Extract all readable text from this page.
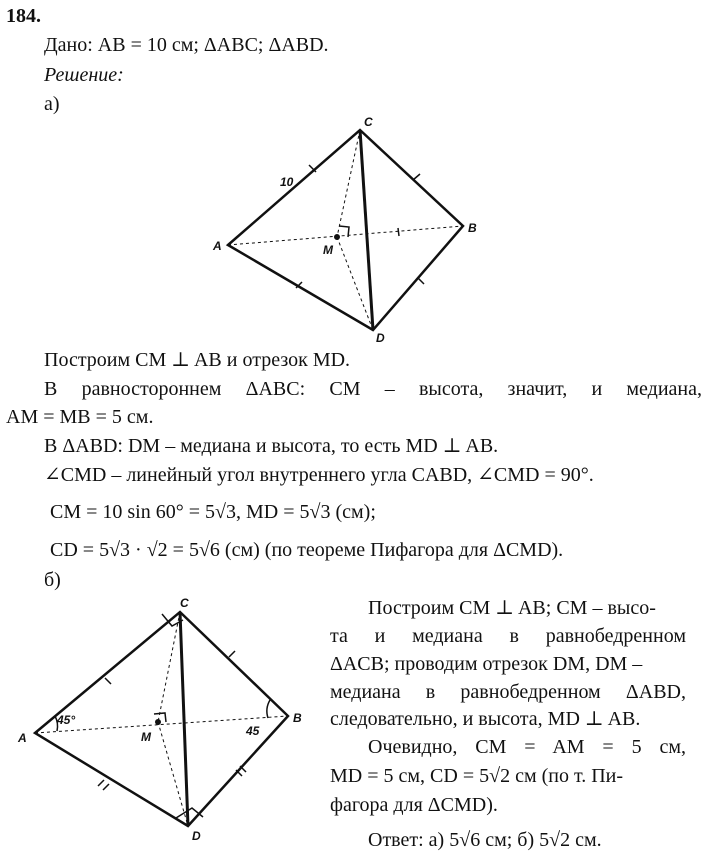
184.
Дано: AB = 10 см; ΔABC; ΔABD.
Решение:
а)
C
B
A
D
M
10
C
B
A
D
M
45°
45
Построим CM ⊥ AB и отрезок MD.
В равностороннем ΔABC: CM – высота, значит, и медиана,
AM = MB = 5 см.
В ΔABD: DM – медиана и высота, то есть MD ⊥ AB.
∠CMD – линейный угол внутреннего угла CABD, ∠CMD = 90°.
CM = 10 sin 60° = 5√3, MD = 5√3 (см);
CD = 5√3 · √2 = 5√6 (см) (по теореме Пифагора для ΔCMD).
б)
Построим CM ⊥ AB; CM – высо-
та и медиана в равнобедренном
ΔACB; проводим отрезок DM, DM –
медиана в равнобедренном ΔABD,
следовательно, и высота, MD ⊥ AB.
Очевидно, CM = AM = 5 см,
MD = 5 см, CD = 5√2 см (по т. Пи-
фагора для ΔCMD).
Ответ: а) 5√6 см; б) 5√2 см.
